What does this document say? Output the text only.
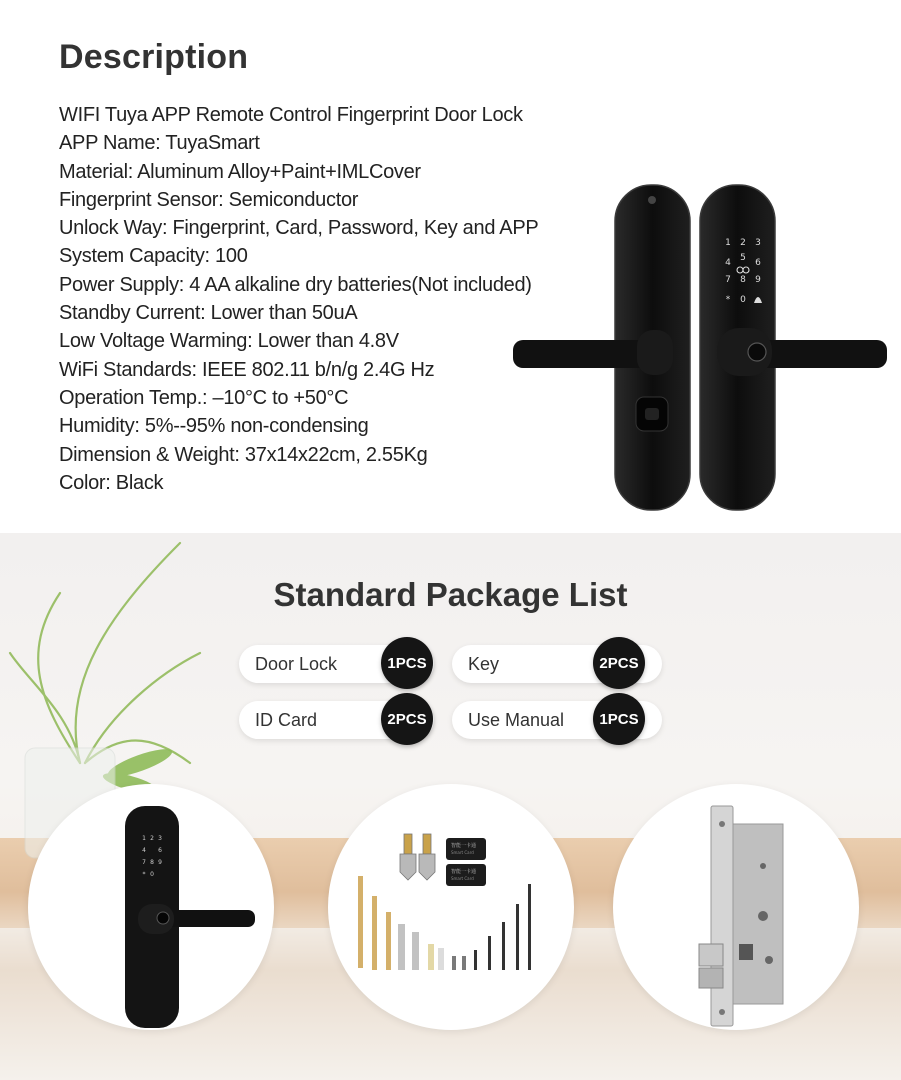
Description
WIFI Tuya APP Remote Control Fingerprint Door Lock
APP Name: TuyaSmart
Material: Aluminum Alloy+Paint+IMLCover
Fingerprint Sensor: Semiconductor
Unlock Way: Fingerprint, Card, Password, Key and APP
System Capacity: 100
Power Supply: 4 AA alkaline dry batteries(Not included)
Standby Current: Lower than 50uA
Low Voltage Warming: Lower than 4.8V
WiFi Standards: IEEE 802.11 b/n/g 2.4G Hz
Operation Temp.: –10°C to +50°C
Humidity: 5%--95% non-condensing
Dimension & Weight: 37x14x22cm, 2.55Kg
Color: Black
1 2 3
4 5 6
7 8 9
* 0
Standard Package List
Door Lock	1PCS	Key	2PCS
ID Card	2PCS	Use Manual	1PCS
1 2 3
4 6
7 8 9
* 0
智能一卡通
Smart Card
智能一卡通
Smart Card
